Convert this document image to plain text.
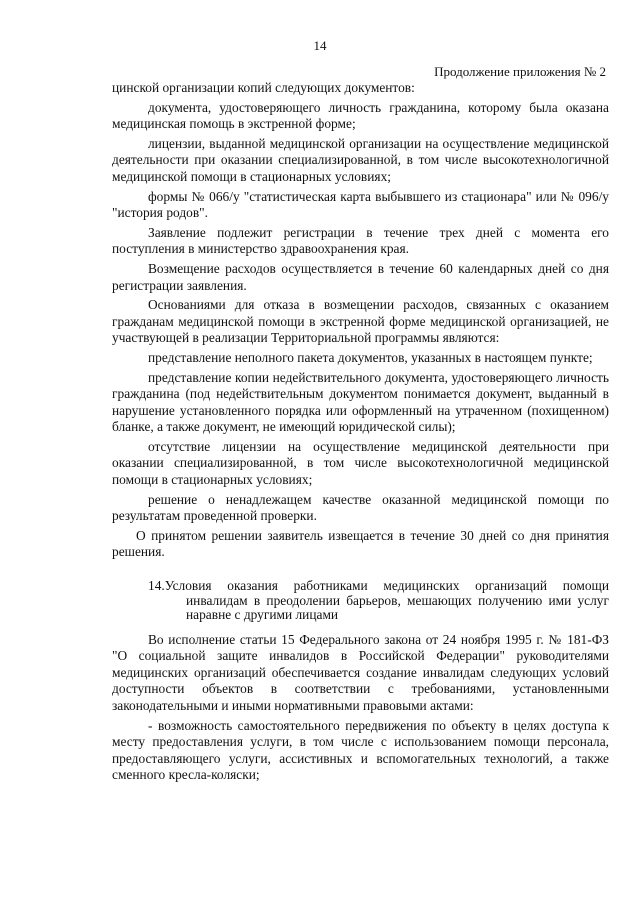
14
Продолжение приложения № 2

цинской организации копий следующих документов:

документа, удостоверяющего личность гражданина, которому была оказана медицинская помощь в экстренной форме;

лицензии, выданной медицинской организации на осуществление медицинской деятельности при оказании специализированной, в том числе высокотехнологичной медицинской помощи в стационарных условиях;

формы № 066/у "статистическая карта выбывшего из стационара" или № 096/у "история родов".

Заявление подлежит регистрации в течение трех дней с момента его поступления в министерство здравоохранения края.

Возмещение расходов осуществляется в течение 60 календарных дней со дня регистрации заявления.

Основаниями для отказа в возмещении расходов, связанных с оказанием гражданам медицинской помощи в экстренной форме медицинской организацией, не участвующей в реализации Территориальной программы являются:

представление неполного пакета документов, указанных в настоящем пункте;

представление копии недействительного документа, удостоверяющего личность гражданина (под недействительным документом понимается документ, выданный в нарушение установленного порядка или оформленный на утраченном (похищенном) бланке, а также документ, не имеющий юридической силы);

отсутствие лицензии на осуществление медицинской деятельности при оказании специализированной, в том числе высокотехнологичной медицинской помощи в стационарных условиях;

решение о ненадлежащем качестве оказанной медицинской помощи по результатам проведенной проверки.

О принятом решении заявитель извещается в течение 30 дней со дня принятия решения.

14.Условия оказания работниками медицинских организаций помощи инвалидам в преодолении барьеров, мешающих получению ими услуг наравне с другими лицами

Во исполнение статьи 15 Федерального закона от 24 ноября 1995 г. № 181-ФЗ "О социальной защите инвалидов в Российской Федерации" руководителями медицинских организаций обеспечивается создание инвалидам следующих условий доступности объектов в соответствии с требованиями, установленными законодательными и иными нормативными правовыми актами:

- возможность самостоятельного передвижения по объекту в целях доступа к месту предоставления услуги, в том числе с использованием помощи персонала, предоставляющего услуги, ассистивных и вспомогательных технологий, а также сменного кресла-коляски;
